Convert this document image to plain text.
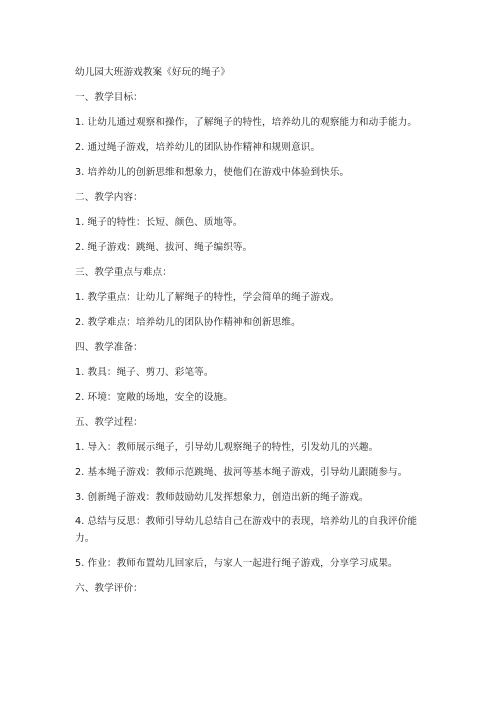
幼儿园大班游戏教案《好玩的绳子》

一、教学目标：

1. 让幼儿通过观察和操作，了解绳子的特性，培养幼儿的观察能力和动手能力。

2. 通过绳子游戏，培养幼儿的团队协作精神和规则意识。

3. 培养幼儿的创新思维和想象力，使他们在游戏中体验到快乐。

二、教学内容：

1. 绳子的特性：长短、颜色、质地等。

2. 绳子游戏：跳绳、拔河、绳子编织等。

三、教学重点与难点：

1. 教学重点：让幼儿了解绳子的特性，学会简单的绳子游戏。

2. 教学难点：培养幼儿的团队协作精神和创新思维。

四、教学准备：

1. 教具：绳子、剪刀、彩笔等。

2. 环境：宽敞的场地，安全的设施。

五、教学过程：

1. 导入：教师展示绳子，引导幼儿观察绳子的特性，引发幼儿的兴趣。

2. 基本绳子游戏：教师示范跳绳、拔河等基本绳子游戏，引导幼儿跟随参与。

3. 创新绳子游戏：教师鼓励幼儿发挥想象力，创造出新的绳子游戏。

4. 总结与反思：教师引导幼儿总结自己在游戏中的表现，培养幼儿的自我评价能力。

5. 作业：教师布置幼儿回家后，与家人一起进行绳子游戏，分享学习成果。

六、教学评价：
